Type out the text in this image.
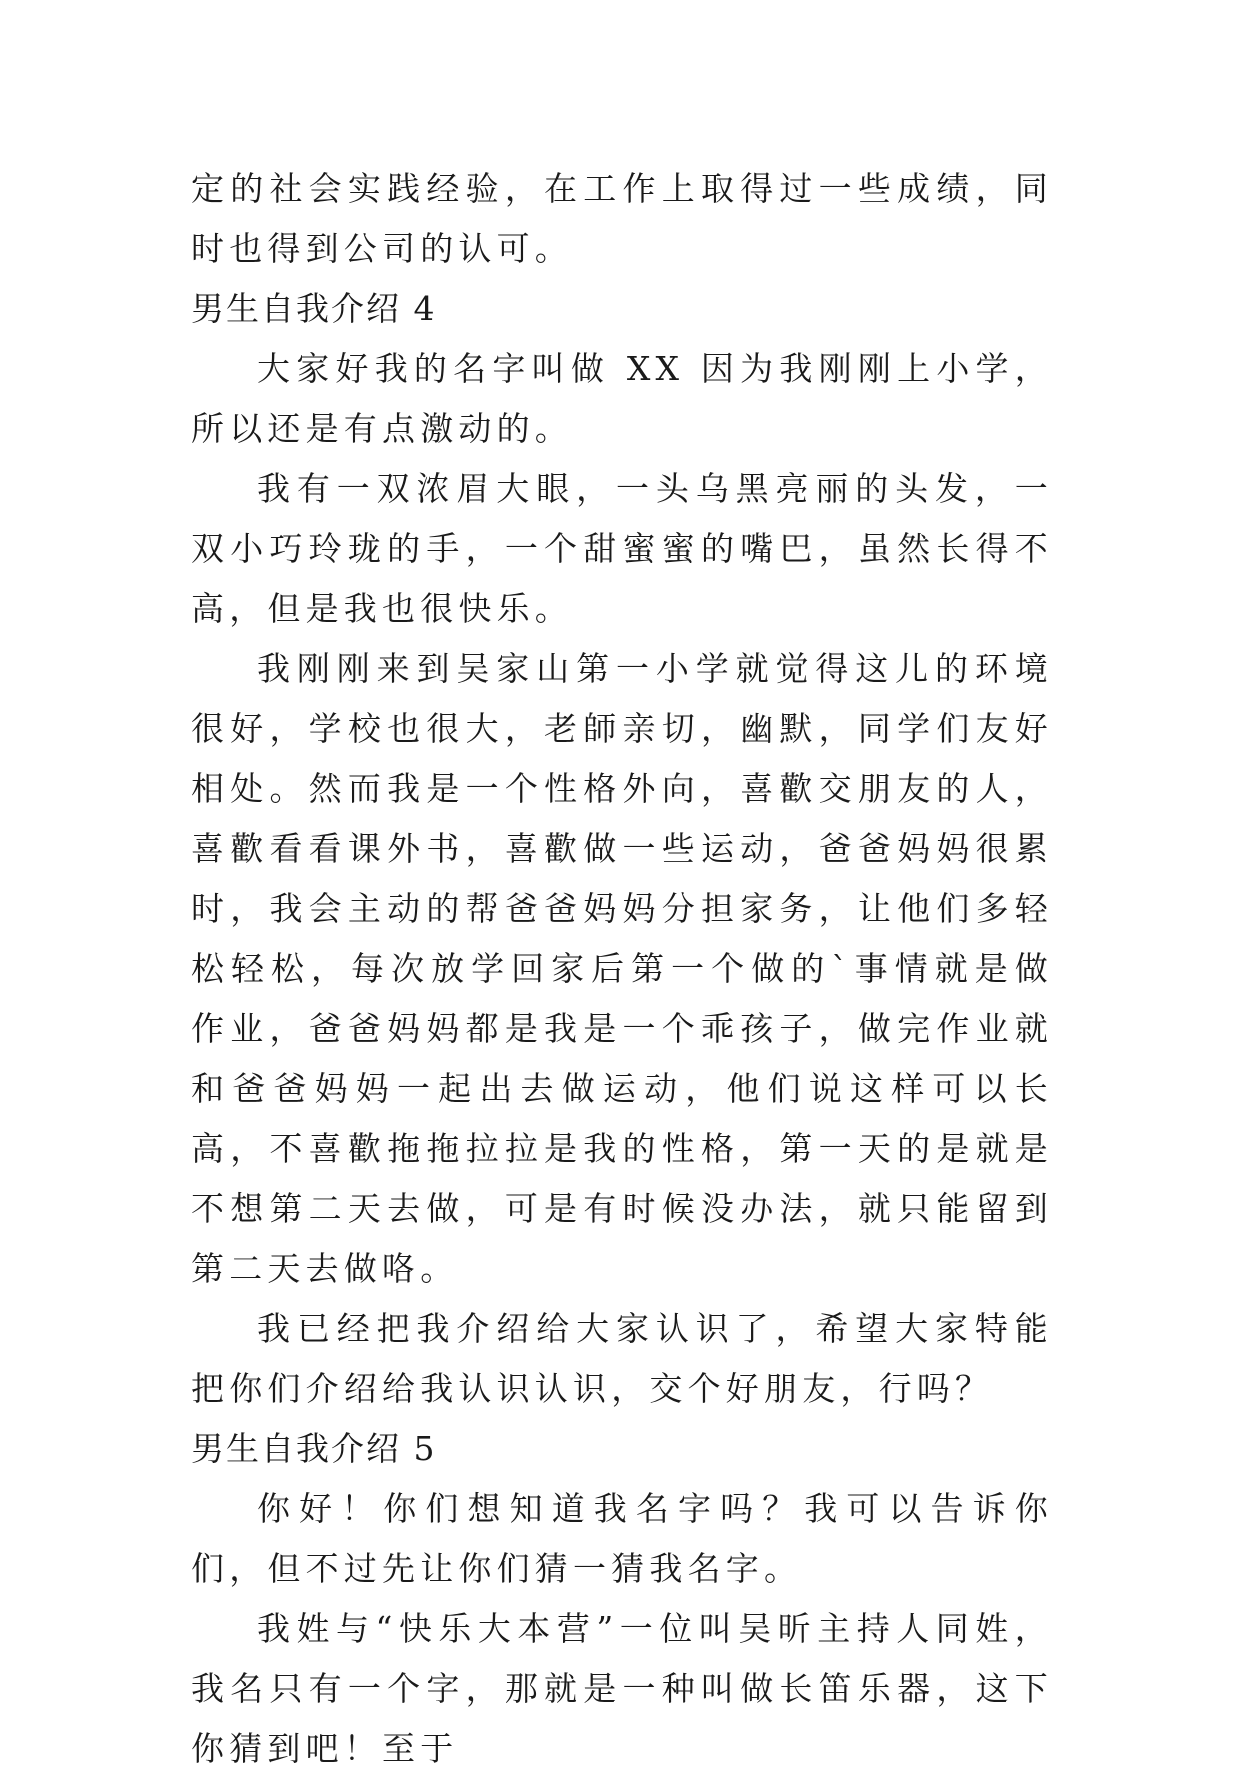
定的社会实践经验，在工作上取得过一些成绩，同时也得到公司的认可。

男生自我介绍 4

大家好我的名字叫做 XX 因为我刚刚上小学，所以还是有点激动的。

我有一双浓眉大眼，一头乌黑亮丽的头发，一双小巧玲珑的手，一个甜蜜蜜的嘴巴，虽然长得不高，但是我也很快乐。

我刚刚来到吴家山第一小学就觉得这儿的环境很好，学校也很大，老師亲切，幽默，同学们友好相处。然而我是一个性格外向，喜歡交朋友的人，喜歡看看课外书，喜歡做一些运动，爸爸妈妈很累时，我会主动的帮爸爸妈妈分担家务，让他们多轻松轻松，每次放学回家后第一个做的`事情就是做作业，爸爸妈妈都是我是一个乖孩子，做完作业就和爸爸妈妈一起出去做运动，他们说这样可以长高，不喜歡拖拖拉拉是我的性格，第一天的是就是不想第二天去做，可是有时候没办法，就只能留到第二天去做咯。

我已经把我介绍给大家认识了，希望大家特能把你们介绍给我认识认识，交个好朋友，行吗？

男生自我介绍 5

你好！你们想知道我名字吗？我可以告诉你们，但不过先让你们猜一猜我名字。

我姓与“快乐大本营”一位叫吴昕主持人同姓，我名只有一个字，那就是一种叫做长笛乐器，这下你猜到吧！至于
